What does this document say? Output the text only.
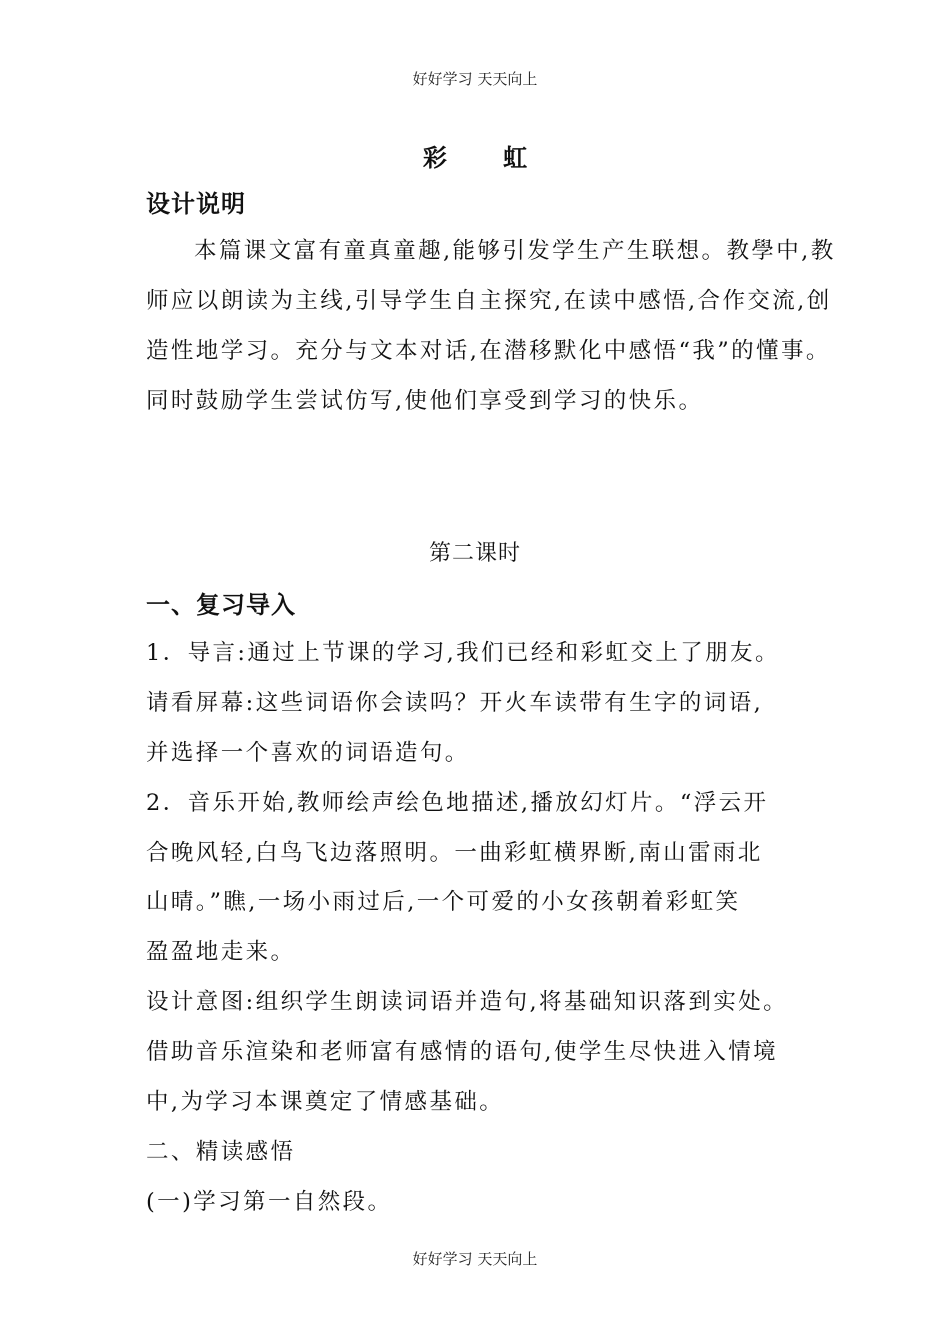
好好学习 天天向上
彩 虹
设计说明

本篇课文富有童真童趣,能够引发学生产生联想。教學中,教师应以朗读为主线,引导学生自主探究,在读中感悟,合作交流,创造性地学习。充分与文本对话,在潜移默化中感悟“我”的懂事。同时鼓励学生尝试仿写,使他们享受到学习的快乐。

第二课时
一、复习导入
1．导言:通过上节课的学习,我们已经和彩虹交上了朋友。
请看屏幕:这些词语你会读吗？开火车读带有生字的词语,
并选择一个喜欢的词语造句。
2．音乐开始,教师绘声绘色地描述,播放幻灯片。“浮云开
合晚风轻,白鸟飞边落照明。一曲彩虹横界断,南山雷雨北
山晴。”瞧,一场小雨过后,一个可爱的小女孩朝着彩虹笑
盈盈地走来。
设计意图:组织学生朗读词语并造句,将基础知识落到实处。
借助音乐渲染和老师富有感情的语句,使学生尽快进入情境
中,为学习本课奠定了情感基础。
二、精读感悟
(一)学习第一自然段。
好好学习 天天向上
